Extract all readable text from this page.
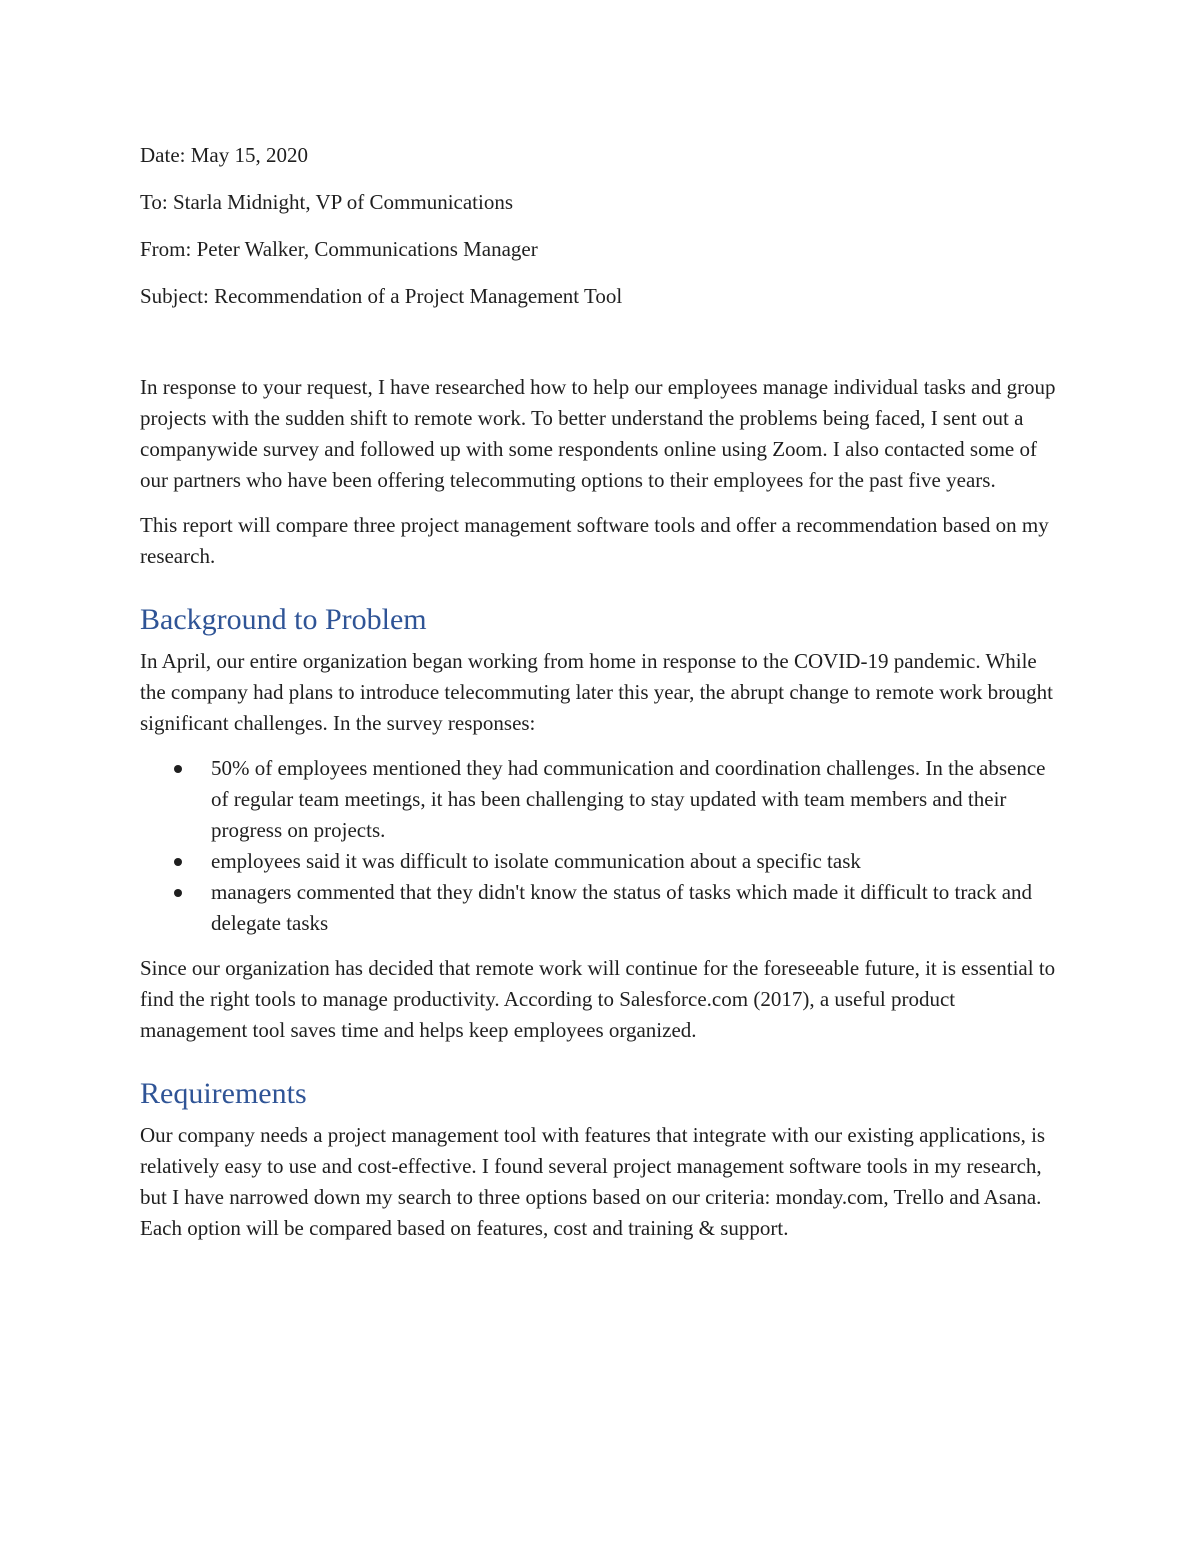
Date: May 15, 2020
To: Starla Midnight, VP of Communications
From: Peter Walker, Communications Manager
Subject: Recommendation of a Project Management Tool

In response to your request, I have researched how to help our employees manage individual tasks and group projects with the sudden shift to remote work. To better understand the problems being faced, I sent out a companywide survey and followed up with some respondents online using Zoom. I also contacted some of our partners who have been offering telecommuting options to their employees for the past five years.

This report will compare three project management software tools and offer a recommendation based on my research.

Background to Problem

In April, our entire organization began working from home in response to the COVID-19 pandemic. While the company had plans to introduce telecommuting later this year, the abrupt change to remote work brought significant challenges. In the survey responses:

50% of employees mentioned they had communication and coordination challenges. In the absence of regular team meetings, it has been challenging to stay updated with team members and their progress on projects.
employees said it was difficult to isolate communication about a specific task
managers commented that they didn't know the status of tasks which made it difficult to track and delegate tasks

Since our organization has decided that remote work will continue for the foreseeable future, it is essential to find the right tools to manage productivity. According to Salesforce.com (2017), a useful product management tool saves time and helps keep employees organized.

Requirements

Our company needs a project management tool with features that integrate with our existing applications, is relatively easy to use and cost-effective. I found several project management software tools in my research, but I have narrowed down my search to three options based on our criteria: monday.com, Trello and Asana. Each option will be compared based on features, cost and training & support.
